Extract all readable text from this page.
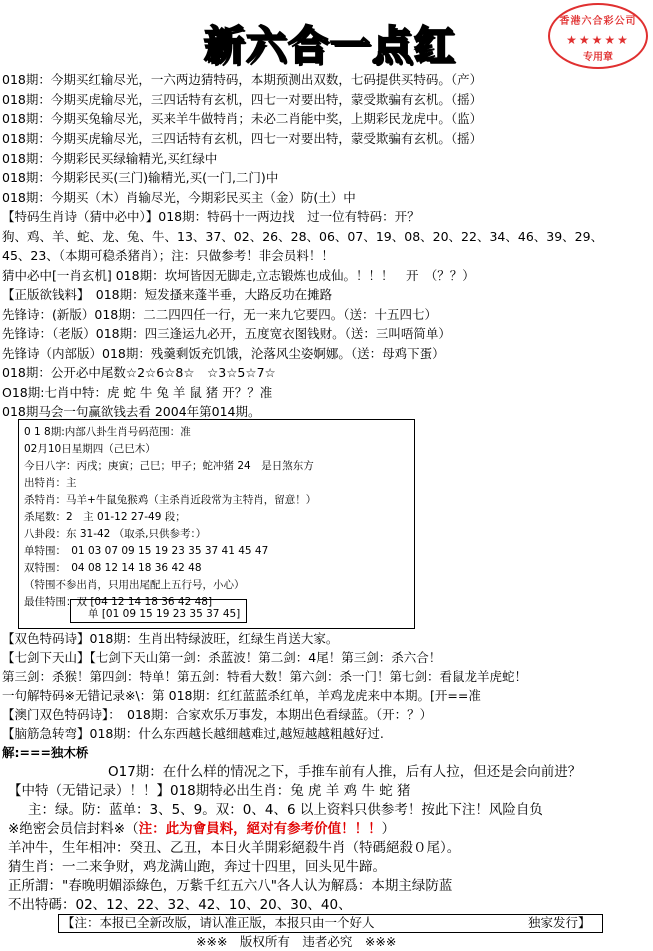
新六合一点红
香港六合彩公司
★★★★★
专用章
018期：今期买红输尽光，一六两边猜特码，本期预测出双数，七码提供买特码。（产）
018期：今期买虎输尽光，三四话特有玄机，四七一对要出特，蒙受欺骗有玄机。（摇）
018期：今期买兔输尽光，买来羊牛做特肖；未必二肖能中奖，上期彩民龙虎中。（监）
018期：今期买虎输尽光，三四话特有玄机，四七一对要出特，蒙受欺骗有玄机。（摇）
018期：今期彩民买绿输精光,买红绿中
018期：今期彩民买(三门)输精光,买(一门,二门)中
018期：今期买（木）肖输尽光，今期彩民买主（金）防(土）中
【特码生肖诗（猜中必中）】018期：特码十一两边找　过一位有特码：开？
狗、鸡、羊、蛇、龙、兔、牛、13、37、02、26、28、06、07、19、08、20、22、34、46、39、29、
45、23、（本期可稳杀猪肖）；注：只做参考！非会员料！！
猜中必中[一肖玄机] 018期：坎坷皆因无脚走,立志锻炼也成仙。！！！　开　（？？）
【正版欲钱料】　018期：短发搔来蓬半垂，大路反功在摊路
先锋诗：(新版）018期：二二四四任一行，无一来九它要四。（送：十五四七）
先锋诗：（老版）018期：四三逢运九必开，五度宽衣图钱财。（送：三叫唔简单）
先锋诗（内部版）018期：残羹剩饭充饥饿，沦落风尘姿婀娜。（送：母鸡下蛋）
018期：公开必中尾数☆2☆6☆8☆　☆3☆5☆7☆
O18期:七肖中特：虎 蛇 牛 兔 羊 鼠 猪 开？？准
018期马会一句赢欲钱去看 2004年第014期。
0 1 8期:内部八卦生肖号码范围：准
02月10日星期四（己巳木）
今日八字：丙戌；庚寅；己巳；甲子；蛇冲猪 24　是日煞东方
出特肖：主
杀特肖：马羊+牛鼠兔猴鸡（主杀肖近段常为主特肖，留意！）
杀尾数：2　主 01-12 27-49 段；
八卦段：东 31-42 （取杀,只供参考：）
单特围：　01 03 07 09 15 19 23 35 37 41 45 47
双特围：　04 08 12 14 18 36 42 48
（特围不参出肖，只用出尾配上五行号，小心）
最佳特围：双 [04 12 14 18 36 42 48]
单 [01 09 15 19 23 35 37 45]
【双色特码诗】018期：生肖出特绿波旺，红绿生肖送大家。
【七剑下天山】【七剑下天山第一剑：杀蓝波！第二剑：4尾！第三剑：杀六合！
第三剑：杀猴！第四剑：特单！第五剑：特看大数！第六剑：杀一门！第七剑：看鼠龙羊虎蛇！
一句解特码※无错记录※\：第 018期：红红蓝蓝杀红单，羊鸡龙虎来中本期。[开==准
【澳门双色特码诗】：　018期：合家欢乐万事发，本期出色看绿蓝。（开：？）
【脑筋急转弯】018期：什么东西越长越细越难过,越短越越粗越好过.
解:===独木桥
O17期：在什么样的情况之下，手推车前有人推，后有人拉，但还是会向前进？
【中特（无错记录）！！】018期特必出生肖：兔 虎 羊 鸡 牛 蛇 猪
主：绿。防：蓝单：3、5、9。双：0、4、6 以上资料只供参考！按此下注！风险自负
※绝密会员信封料※（注：此为會員料，絕对有参考价值！！！）
羊冲牛，生年相冲：癸丑、乙丑，本日火羊開彩絕殺牛肖（特碼絕殺０尾）。
猜生肖：一二来争财，鸡龙满山跑，奔过十四里，回头见牛蹄。
正所謂："春晚明媚添綠色，万紫千红五六八"各人认为解爲：本期主绿防蓝
不出特碼：02、12、22、32、42、10、20、30、40、
【注：本报已全新改版，请认准正版，本报只由一个好人	独家发行】
※※※　版权所有　违者必究　※※※
